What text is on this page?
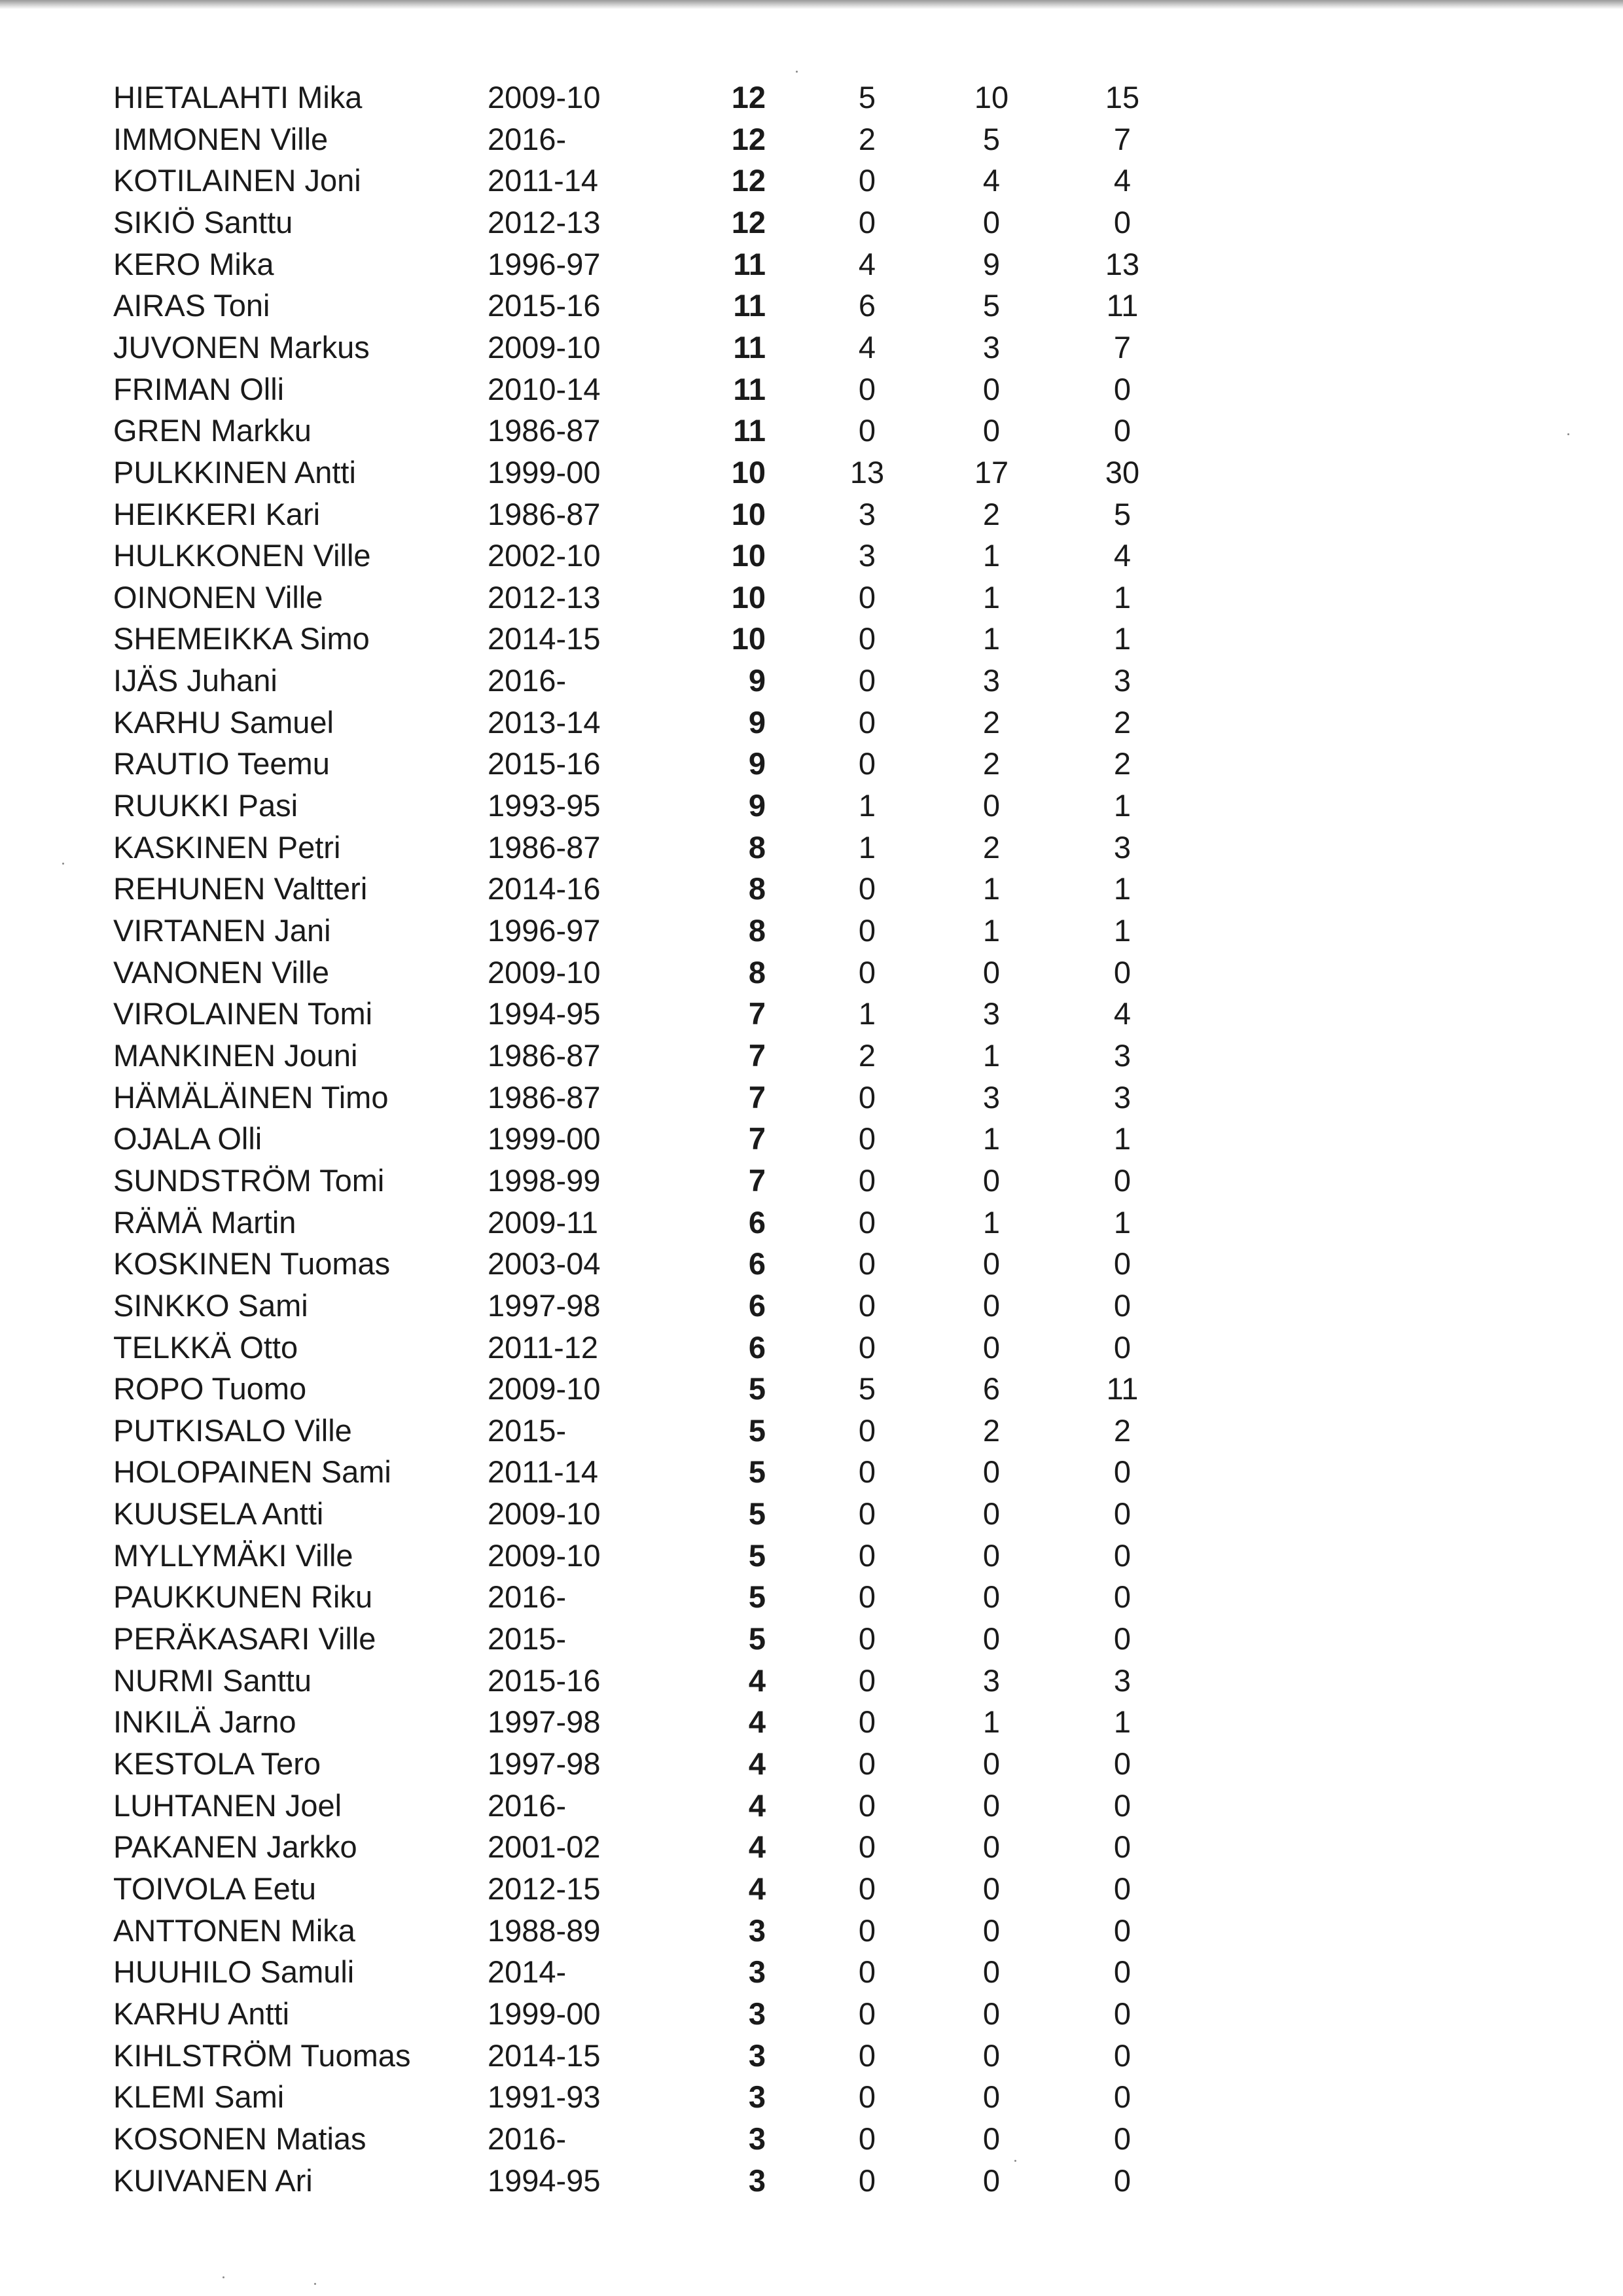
HIETALAHTI Mika	2009-10	12	5	10	15
IMMONEN Ville	2016-	12	2	5	7
KOTILAINEN Joni	2011-14	12	0	4	4
SIKIÖ Santtu	2012-13	12	0	0	0
KERO Mika	1996-97	11	4	9	13
AIRAS Toni	2015-16	11	6	5	11
JUVONEN Markus	2009-10	11	4	3	7
FRIMAN Olli	2010-14	11	0	0	0
GREN Markku	1986-87	11	0	0	0
PULKKINEN Antti	1999-00	10	13	17	30
HEIKKERI Kari	1986-87	10	3	2	5
HULKKONEN Ville	2002-10	10	3	1	4
OINONEN Ville	2012-13	10	0	1	1
SHEMEIKKA Simo	2014-15	10	0	1	1
IJÄS Juhani	2016-	9	0	3	3
KARHU Samuel	2013-14	9	0	2	2
RAUTIO Teemu	2015-16	9	0	2	2
RUUKKI Pasi	1993-95	9	1	0	1
KASKINEN Petri	1986-87	8	1	2	3
REHUNEN Valtteri	2014-16	8	0	1	1
VIRTANEN Jani	1996-97	8	0	1	1
VANONEN Ville	2009-10	8	0	0	0
VIROLAINEN Tomi	1994-95	7	1	3	4
MANKINEN Jouni	1986-87	7	2	1	3
HÄMÄLÄINEN Timo	1986-87	7	0	3	3
OJALA Olli	1999-00	7	0	1	1
SUNDSTRÖM Tomi	1998-99	7	0	0	0
RÄMÄ Martin	2009-11	6	0	1	1
KOSKINEN Tuomas	2003-04	6	0	0	0
SINKKO Sami	1997-98	6	0	0	0
TELKKÄ Otto	2011-12	6	0	0	0
ROPO Tuomo	2009-10	5	5	6	11
PUTKISALO Ville	2015-	5	0	2	2
HOLOPAINEN Sami	2011-14	5	0	0	0
KUUSELA Antti	2009-10	5	0	0	0
MYLLYMÄKI Ville	2009-10	5	0	0	0
PAUKKUNEN Riku	2016-	5	0	0	0
PERÄKASARI Ville	2015-	5	0	0	0
NURMI Santtu	2015-16	4	0	3	3
INKILÄ Jarno	1997-98	4	0	1	1
KESTOLA Tero	1997-98	4	0	0	0
LUHTANEN Joel	2016-	4	0	0	0
PAKANEN Jarkko	2001-02	4	0	0	0
TOIVOLA Eetu	2012-15	4	0	0	0
ANTTONEN Mika	1988-89	3	0	0	0
HUUHILO Samuli	2014-	3	0	0	0
KARHU Antti	1999-00	3	0	0	0
KIHLSTRÖM Tuomas	2014-15	3	0	0	0
KLEMI Sami	1991-93	3	0	0	0
KOSONEN Matias	2016-	3	0	0	0
KUIVANEN Ari	1994-95	3	0	0	0
